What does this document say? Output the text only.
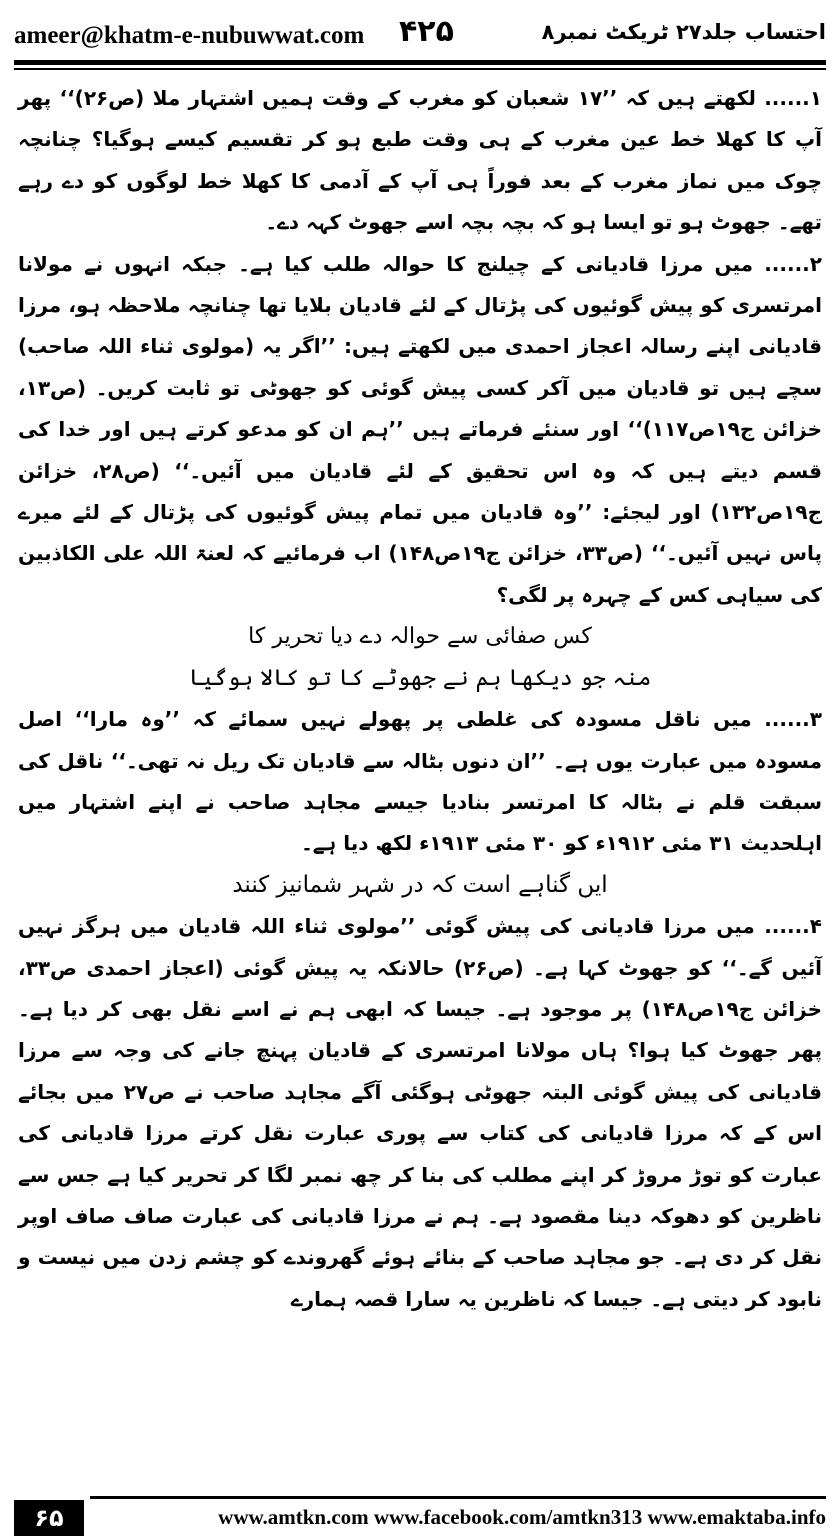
ameer@khatm-e-nubuwwat.com ۴۲۵	احتساب جلد۲۷ ٹریکٹ نمبر۸

۱...... لکھتے ہیں کہ ’’۱۷ شعبان کو مغرب کے وقت ہمیں اشتہار ملا (ص۲۶)‘‘ پھر آپ کا کھلا خط عین مغرب کے ہی وقت طبع ہو کر تقسیم کیسے ہوگیا؟ چنانچہ چوک میں نماز مغرب کے بعد فوراً ہی آپ کے آدمی کا کھلا خط لوگوں کو دے رہے تھے۔ جھوٹ ہو تو ایسا ہو کہ بچہ بچہ اسے جھوٹ کہہ دے۔

۲...... میں مرزا قادیانی کے چیلنج کا حوالہ طلب کیا ہے۔ جبکہ انہوں نے مولانا امرتسری کو پیش گوئیوں کی پڑتال کے لئے قادیان بلایا تھا چنانچہ ملاحظہ ہو، مرزا قادیانی اپنے رسالہ اعجاز احمدی میں لکھتے ہیں: ’’اگر یہ (مولوی ثناء اللہ صاحب) سچے ہیں تو قادیان میں آکر کسی پیش گوئی کو جھوٹی تو ثابت کریں۔ (ص۱۳، خزائن ج۱۹ص۱۱۷)‘‘ اور سنئے فرماتے ہیں ’’ہم ان کو مدعو کرتے ہیں اور خدا کی قسم دیتے ہیں کہ وہ اس تحقیق کے لئے قادیان میں آئیں۔‘‘ (ص۲۸، خزائن ج۱۹ص۱۳۲) اور لیجئے: ’’وہ قادیان میں تمام پیش گوئیوں کی پڑتال کے لئے میرے پاس نہیں آئیں۔‘‘ (ص۳۳، خزائن ج۱۹ص۱۴۸) اب فرمائیے کہ لعنۃ اللہ علی الکاذبین کی سیاہی کس کے چہرہ پر لگی؟

کس صفائی سے حوالہ دے دیا تحریر کا

منہ جو دیکھا ہم نے جھوٹے کا تو کالا ہوگیا

۳...... میں ناقل مسودہ کی غلطی پر پھولے نہیں سمائے کہ ’’وہ مارا‘‘ اصل مسودہ میں عبارت یوں ہے۔ ’’ان دنوں بٹالہ سے قادیان تک ریل نہ تھی۔‘‘ ناقل کی سبقت قلم نے بٹالہ کا امرتسر بنادیا جیسے مجاہد صاحب نے اپنے اشتہار میں اہلحدیث ۳۱ مئی ۱۹۱۲ء کو ۳۰ مئی ۱۹۱۳ء لکھ دیا ہے۔

ایں گناہے است کہ در شہر شمانیز کنند

۴...... میں مرزا قادیانی کی پیش گوئی ’’مولوی ثناء اللہ قادیان میں ہرگز نہیں آئیں گے۔‘‘ کو جھوٹ کہا ہے۔ (ص۲۶) حالانکہ یہ پیش گوئی (اعجاز احمدی ص۳۳، خزائن ج۱۹ص۱۴۸) پر موجود ہے۔ جیسا کہ ابھی ہم نے اسے نقل بھی کر دیا ہے۔ پھر جھوٹ کیا ہوا؟ ہاں مولانا امرتسری کے قادیان پہنچ جانے کی وجہ سے مرزا قادیانی کی پیش گوئی البتہ جھوٹی ہوگئی آگے مجاہد صاحب نے ص۲۷ میں بجائے اس کے کہ مرزا قادیانی کی کتاب سے پوری عبارت نقل کرتے مرزا قادیانی کی عبارت کو توڑ مروڑ کر اپنے مطلب کی بنا کر چھ نمبر لگا کر تحریر کیا ہے جس سے ناظرین کو دھوکہ دینا مقصود ہے۔ ہم نے مرزا قادیانی کی عبارت صاف صاف اوپر نقل کر دی ہے۔ جو مجاہد صاحب کے بنائے ہوئے گھروندے کو چشم زدن میں نیست و نابود کر دیتی ہے۔ جیسا کہ ناظرین یہ سارا قصہ ہمارے

۶۵	www.amtkn.com www.facebook.com/amtkn313 www.emaktaba.info
